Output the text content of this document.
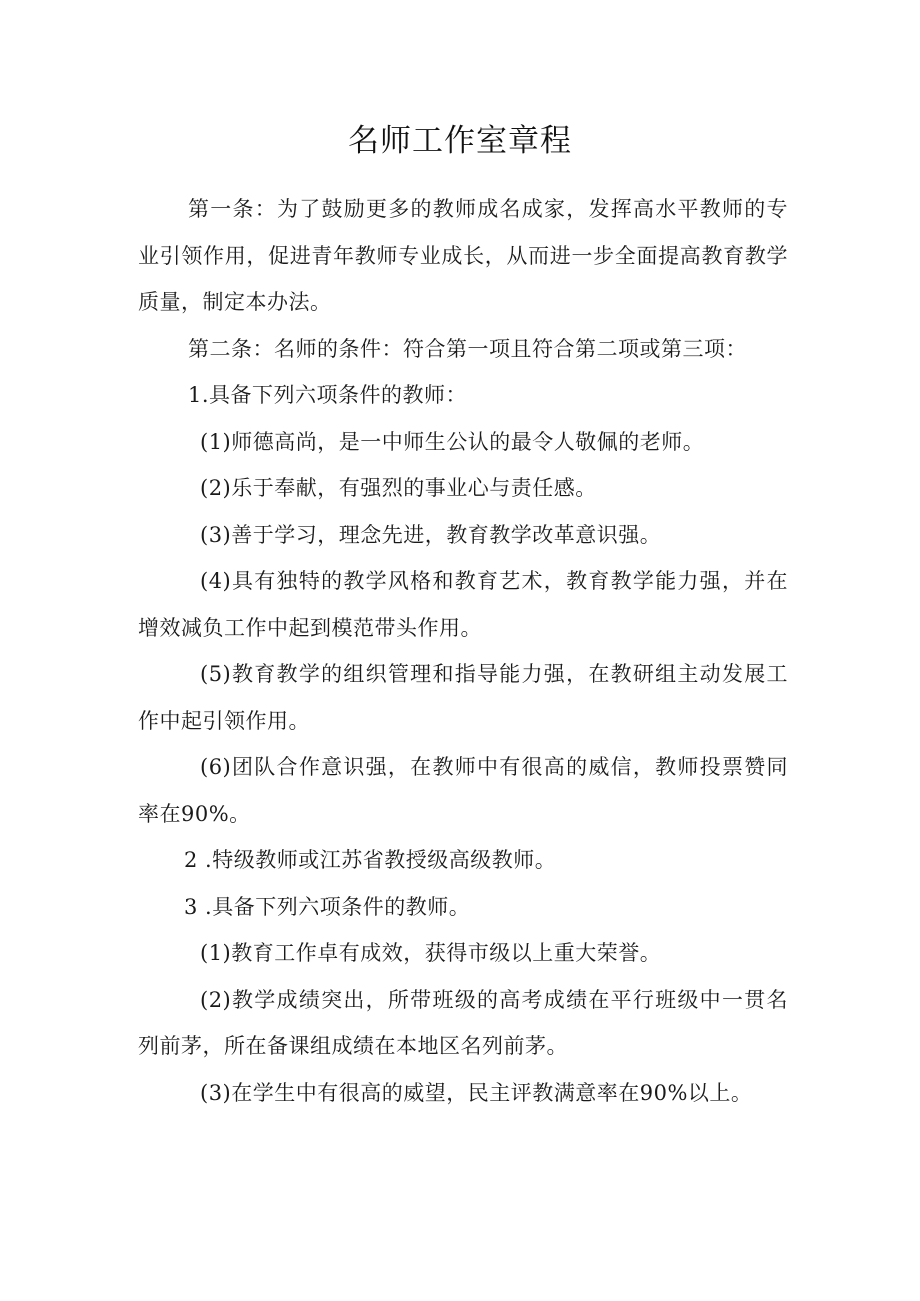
名师工作室章程

第一条：为了鼓励更多的教师成名成家，发挥高水平教师的专业引领作用，促进青年教师专业成长，从而进一步全面提高教育教学质量，制定本办法。

第二条：名师的条件：符合第一项且符合第二项或第三项：

1.具备下列六项条件的教师：

(1)师德高尚，是一中师生公认的最令人敬佩的老师。

(2)乐于奉献，有强烈的事业心与责任感。

(3)善于学习，理念先进，教育教学改革意识强。

(4)具有独特的教学风格和教育艺术，教育教学能力强，并在增效减负工作中起到模范带头作用。

(5)教育教学的组织管理和指导能力强，在教研组主动发展工作中起引领作用。

(6)团队合作意识强，在教师中有很高的威信，教师投票赞同率在90%。

2 .特级教师或江苏省教授级高级教师。

3 .具备下列六项条件的教师。

(1)教育工作卓有成效，获得市级以上重大荣誉。

(2)教学成绩突出，所带班级的高考成绩在平行班级中一贯名列前茅，所在备课组成绩在本地区名列前茅。

(3)在学生中有很高的威望，民主评教满意率在90%以上。
